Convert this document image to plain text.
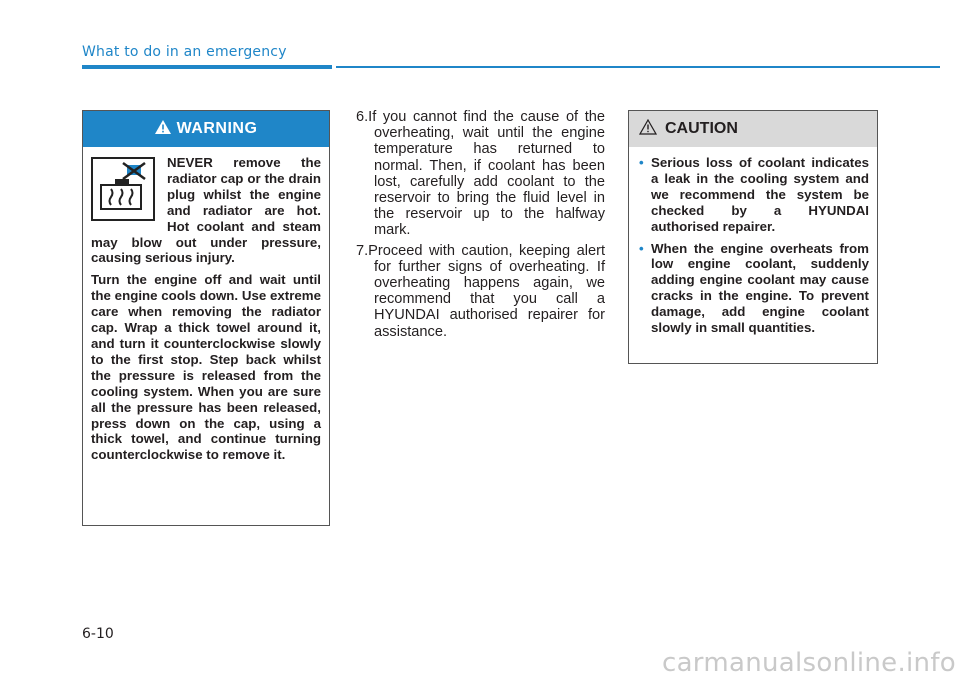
What to do in an emergency
WARNING

NEVER remove the radiator cap or the drain plug whilst the engine and radiator are hot. Hot coolant and steam may blow out under pressure, causing serious injury.

Turn the engine off and wait until the engine cools down. Use extreme care when removing the radiator cap. Wrap a thick towel around it, and turn it counterclockwise slowly to the first stop. Step back whilst the pressure is released from the cooling system. When you are sure all the pressure has been released, press down on the cap, using a thick towel, and continue turning counterclockwise to remove it.

6.If you cannot find the cause of the overheating, wait until the engine temperature has returned to normal. Then, if coolant has been lost, carefully add coolant to the reservoir to bring the fluid level in the reservoir up to the halfway mark.
7.Proceed with caution, keeping alert for further signs of overheating. If overheating happens again, we recommend that you call a HYUNDAI authorised repairer for assistance.
CAUTION
• Serious loss of coolant indicates a leak in the cooling system and we recommend the system be checked by a HYUNDAI authorised repairer.
• When the engine overheats from low engine coolant, suddenly adding engine coolant may cause cracks in the engine. To prevent damage, add engine coolant slowly in small quantities.
6-10
carmanualsonline.info
